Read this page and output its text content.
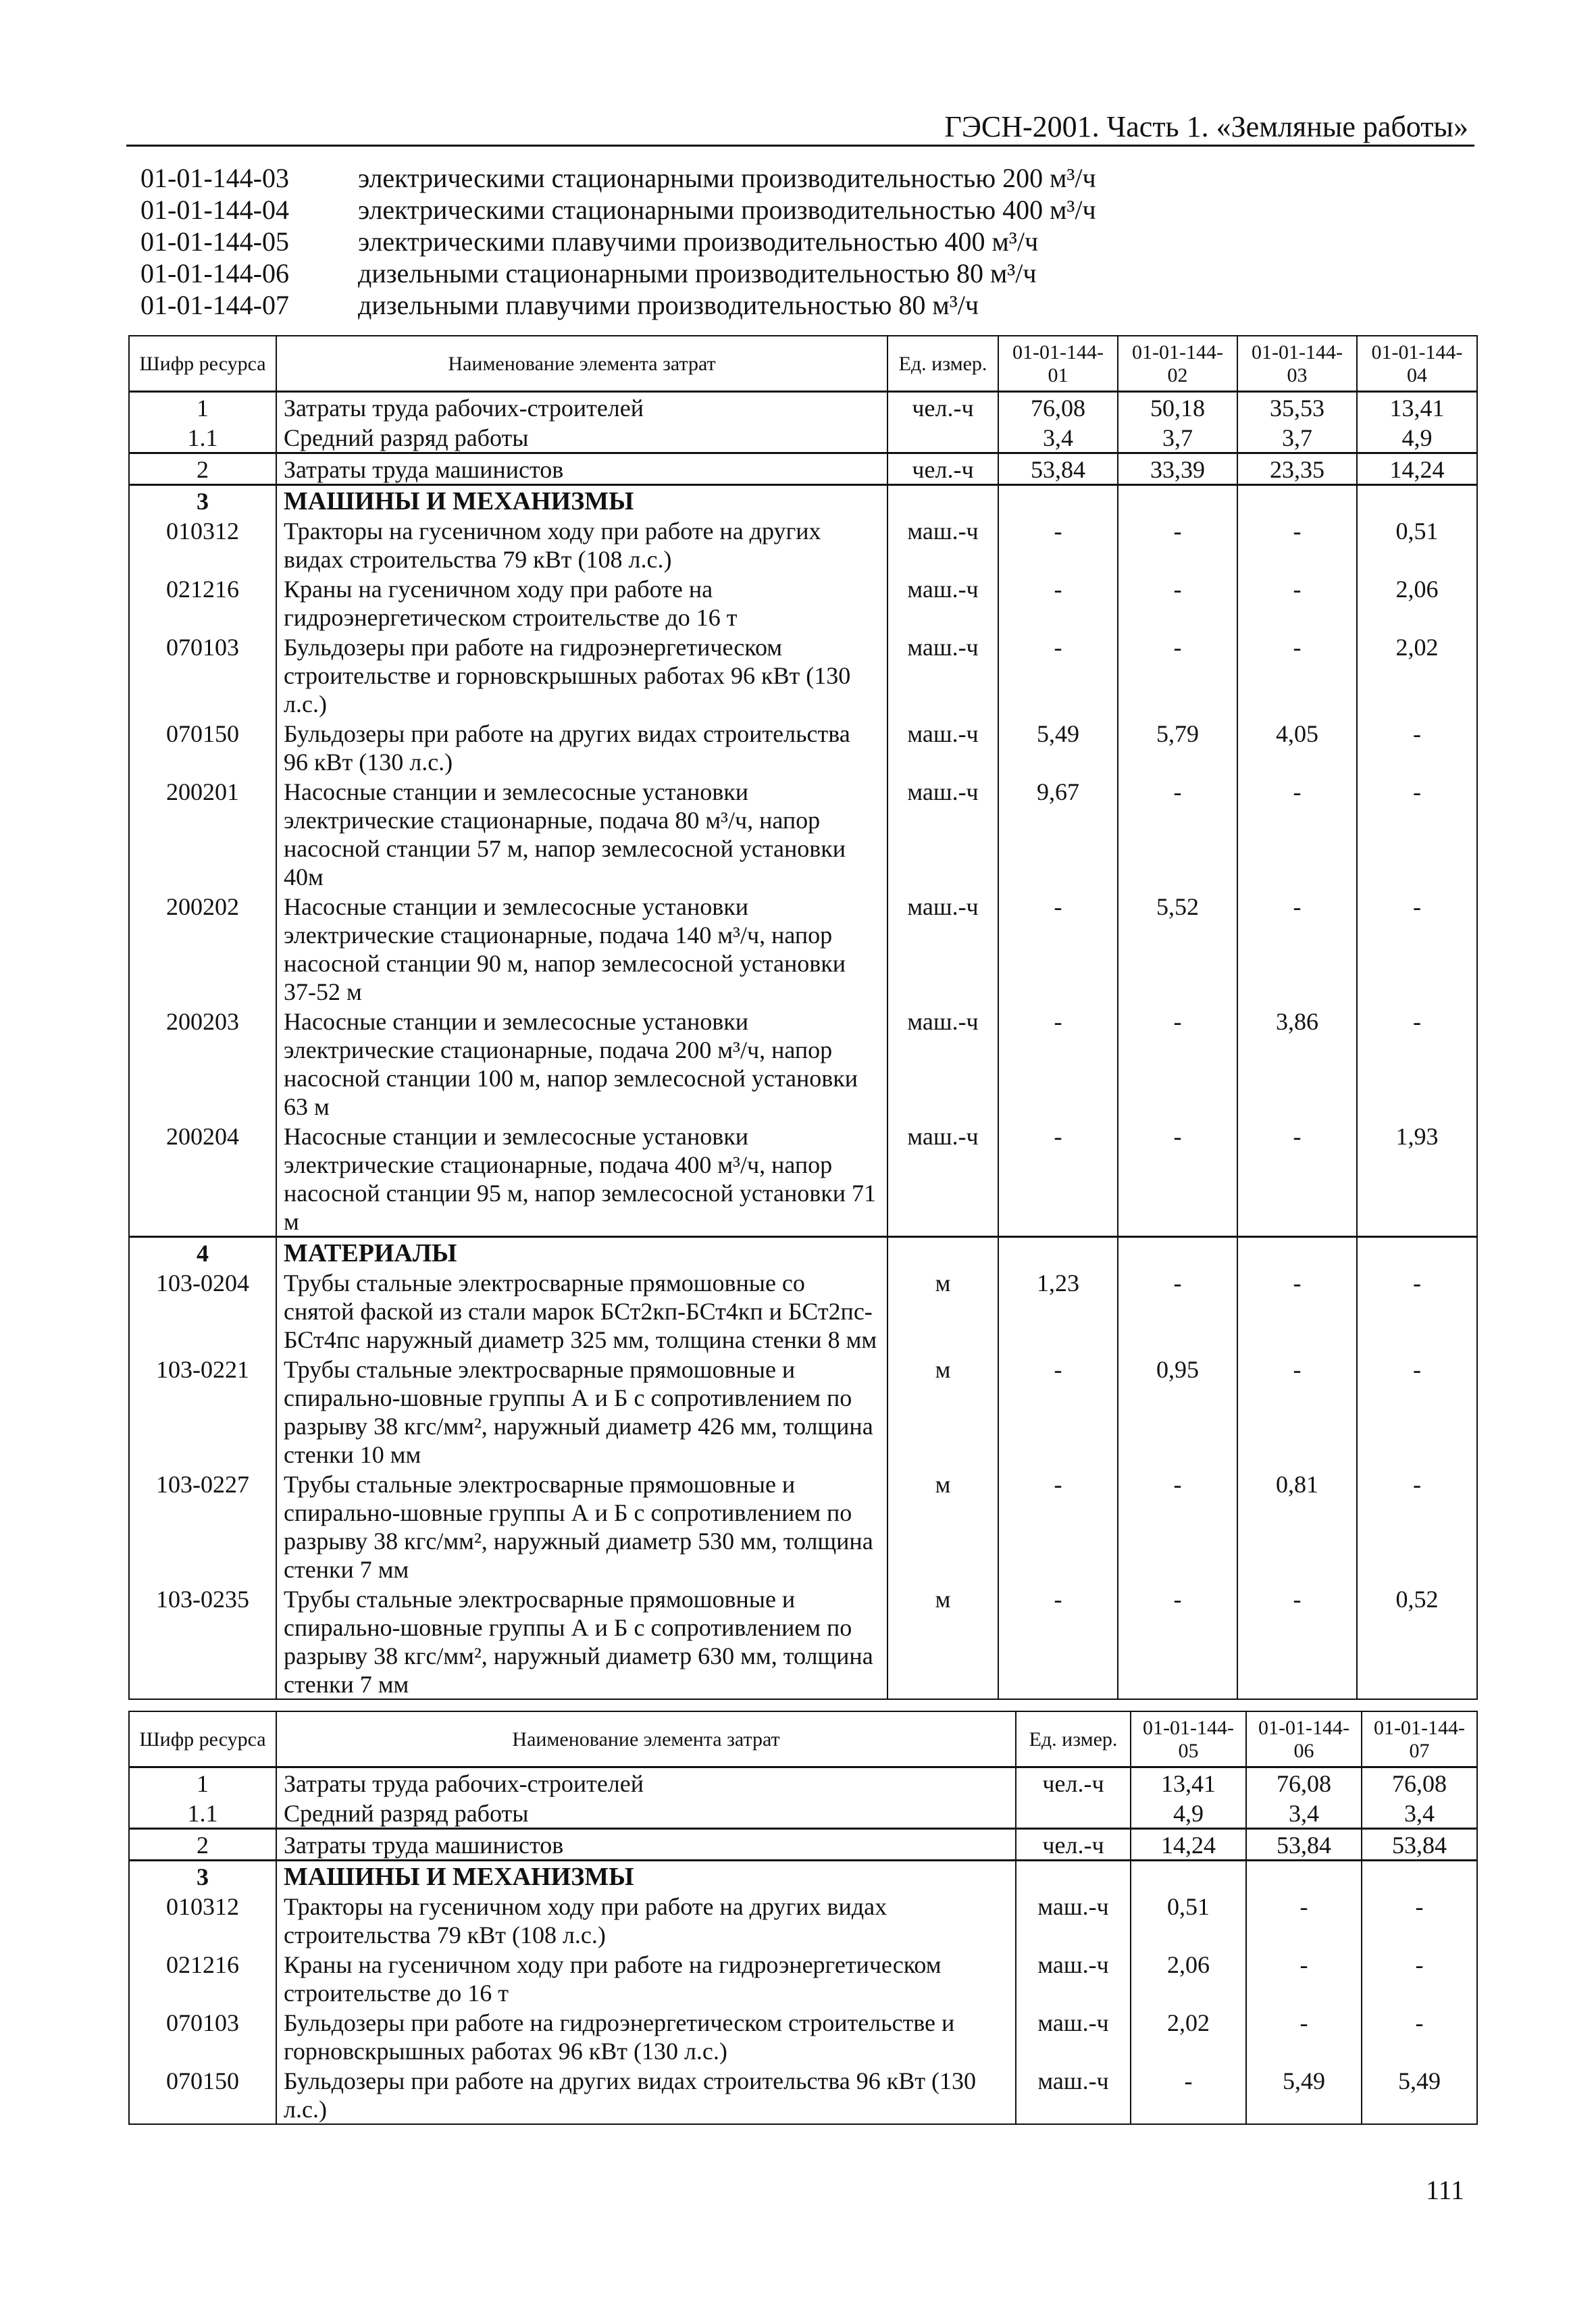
ГЭСН-2001. Часть 1. «Земляные работы»
01-01-144-03	электрическими стационарными производительностью 200 м³/ч
01-01-144-04	электрическими стационарными производительностью 400 м³/ч
01-01-144-05	электрическими плавучими производительностью 400 м³/ч
01-01-144-06	дизельными стационарными производительностью 80 м³/ч
01-01-144-07	дизельными плавучими производительностью 80 м³/ч
Шифр ресурса	Наименование элемента затрат	Ед. измер.	01-01-144-01	01-01-144-02	01-01-144-03	01-01-144-04
1	Затраты труда рабочих-строителей	чел.-ч	76,08	50,18	35,53	13,41
1.1	Средний разряд работы		3,4	3,7	3,7	4,9
2	Затраты труда машинистов	чел.-ч	53,84	33,39	23,35	14,24
3	МАШИНЫ И МЕХАНИЗМЫ					
010312	Тракторы на гусеничном ходу при работе на других видах строительства 79 кВт (108 л.с.)	маш.-ч	-	-	-	0,51
021216	Краны на гусеничном ходу при работе на гидроэнергетическом строительстве до 16 т	маш.-ч	-	-	-	2,06
070103	Бульдозеры при работе на гидроэнергетическом строительстве и горновскрышных работах 96 кВт (130 л.с.)	маш.-ч	-	-	-	2,02
070150	Бульдозеры при работе на других видах строительства 96 кВт (130 л.с.)	маш.-ч	5,49	5,79	4,05	-
200201	Насосные станции и землесосные установки электрические стационарные, подача 80 м³/ч, напор насосной станции 57 м, напор землесосной установки 40м	маш.-ч	9,67	-	-	-
200202	Насосные станции и землесосные установки электрические стационарные, подача 140 м³/ч, напор насосной станции 90 м, напор землесосной установки 37-52 м	маш.-ч	-	5,52	-	-
200203	Насосные станции и землесосные установки электрические стационарные, подача 200 м³/ч, напор насосной станции 100 м, напор землесосной установки 63 м	маш.-ч	-	-	3,86	-
200204	Насосные станции и землесосные установки электрические стационарные, подача 400 м³/ч, напор насосной станции 95 м, напор землесосной установки 71 м	маш.-ч	-	-	-	1,93
4	МАТЕРИАЛЫ					
103-0204	Трубы стальные электросварные прямошовные со снятой фаской из стали марок БСт2кп-БСт4кп и БСт2пс-БСт4пс наружный диаметр 325 мм, толщина стенки 8 мм	м	1,23	-	-	-
103-0221	Трубы стальные электросварные прямошовные и спирально-шовные группы А и Б с сопротивлением по разрыву 38 кгс/мм², наружный диаметр 426 мм, толщина стенки 10 мм	м	-	0,95	-	-
103-0227	Трубы стальные электросварные прямошовные и спирально-шовные группы А и Б с сопротивлением по разрыву 38 кгс/мм², наружный диаметр 530 мм, толщина стенки 7 мм	м	-	-	0,81	-
103-0235	Трубы стальные электросварные прямошовные и спирально-шовные группы А и Б с сопротивлением по разрыву 38 кгс/мм², наружный диаметр 630 мм, толщина стенки 7 мм	м	-	-	-	0,52
Шифр ресурса	Наименование элемента затрат	Ед. измер.	01-01-144-05	01-01-144-06	01-01-144-07
1	Затраты труда рабочих-строителей	чел.-ч	13,41	76,08	76,08
1.1	Средний разряд работы		4,9	3,4	3,4
2	Затраты труда машинистов	чел.-ч	14,24	53,84	53,84
3	МАШИНЫ И МЕХАНИЗМЫ				
010312	Тракторы на гусеничном ходу при работе на других видах строительства 79 кВт (108 л.с.)	маш.-ч	0,51	-	-
021216	Краны на гусеничном ходу при работе на гидроэнергетическом строительстве до 16 т	маш.-ч	2,06	-	-
070103	Бульдозеры при работе на гидроэнергетическом строительстве и горновскрышных работах 96 кВт (130 л.с.)	маш.-ч	2,02	-	-
070150	Бульдозеры при работе на других видах строительства 96 кВт (130 л.с.)	маш.-ч	-	5,49	5,49
111
